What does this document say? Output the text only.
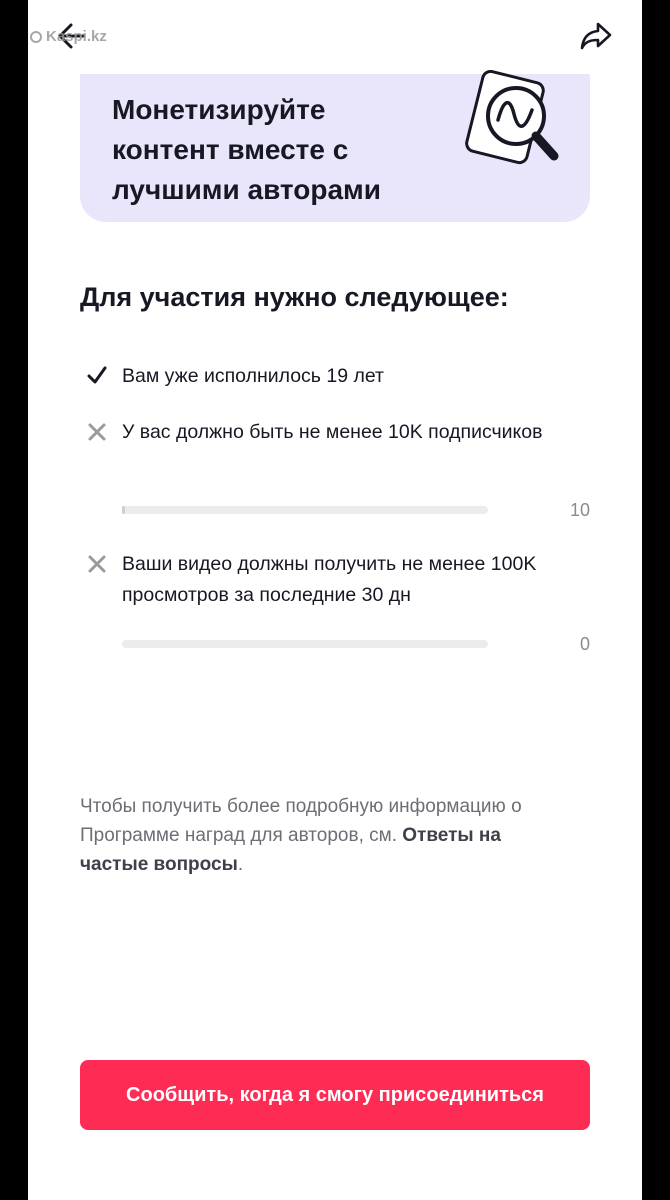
Kaspi.kz
Монетизируйте
контент вместе с
лучшими авторами
Для участия нужно следующее:
Вам уже исполнилось 19 лет
У вас должно быть не менее 10K подписчиков
10
Ваши видео должны получить не менее 100K просмотров за последние 30 дн
0
Чтобы получить более подробную информацию о Программе наград для авторов, см. Ответы на частые вопросы.
Сообщить, когда я смогу присоединиться
